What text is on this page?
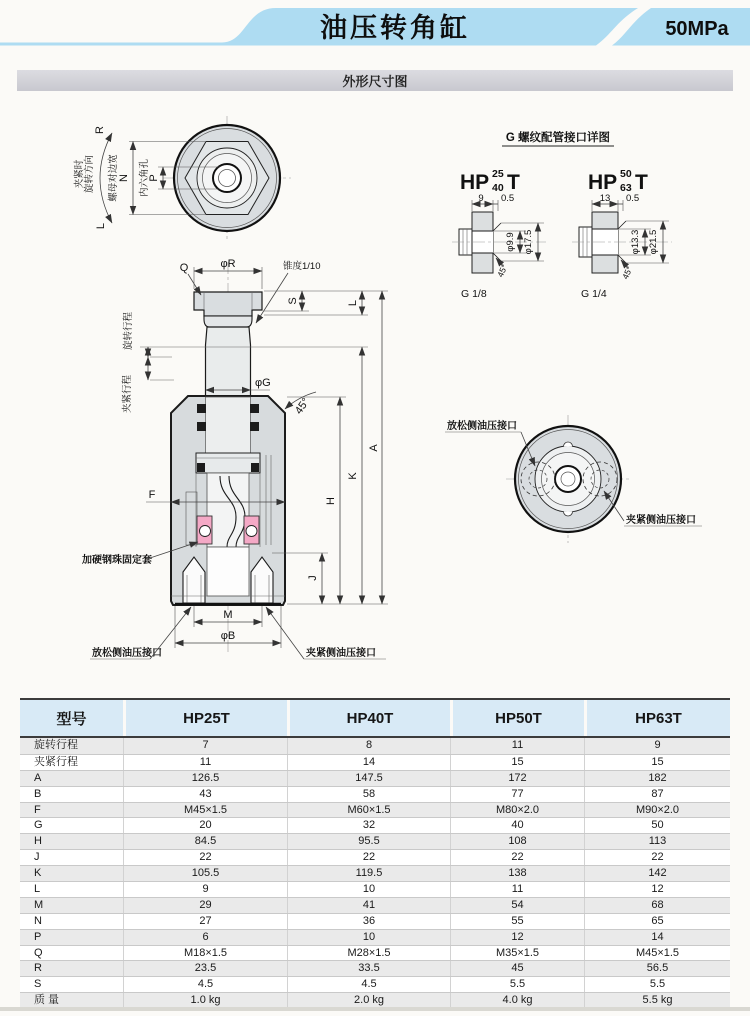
油压转角缸	50MPa
外形尺寸图
N P
内六角孔
螺母对边宽
R
L
夹紧时 旋转方向
Q	φR	锥度1/10
S	L
A
K
H
J
旋转行程
夹紧行程	φG
45°
F
加硬钢珠固定套
M
φB
放松侧油压接口	夹紧侧油压接口
G 螺纹配管接口详图
HP 25
40 T	HP 50
63 T
9 0.5
φ9.9 φ17.5
45°
G 1/8
13 0.5
φ13.3 φ21.5
45°
G 1/4
放松侧油压接口
夹紧侧油压接口
型号	HP25T	HP40T	HP50T	HP63T
旋转行程	7	8	11	9
夹紧行程	11	14	15	15
A	126.5	147.5	172	182
B	43	58	77	87
F	M45×1.5	M60×1.5	M80×2.0	M90×2.0
G	20	32	40	50
H	84.5	95.5	108	113
J	22	22	22	22
K	105.5	119.5	138	142
L	9	10	11	12
M	29	41	54	68
N	27	36	55	65
P	6	10	12	14
Q	M18×1.5	M28×1.5	M35×1.5	M45×1.5
R	23.5	33.5	45	56.5
S	4.5	4.5	5.5	5.5
质 量	1.0 kg	2.0 kg	4.0 kg	5.5 kg
